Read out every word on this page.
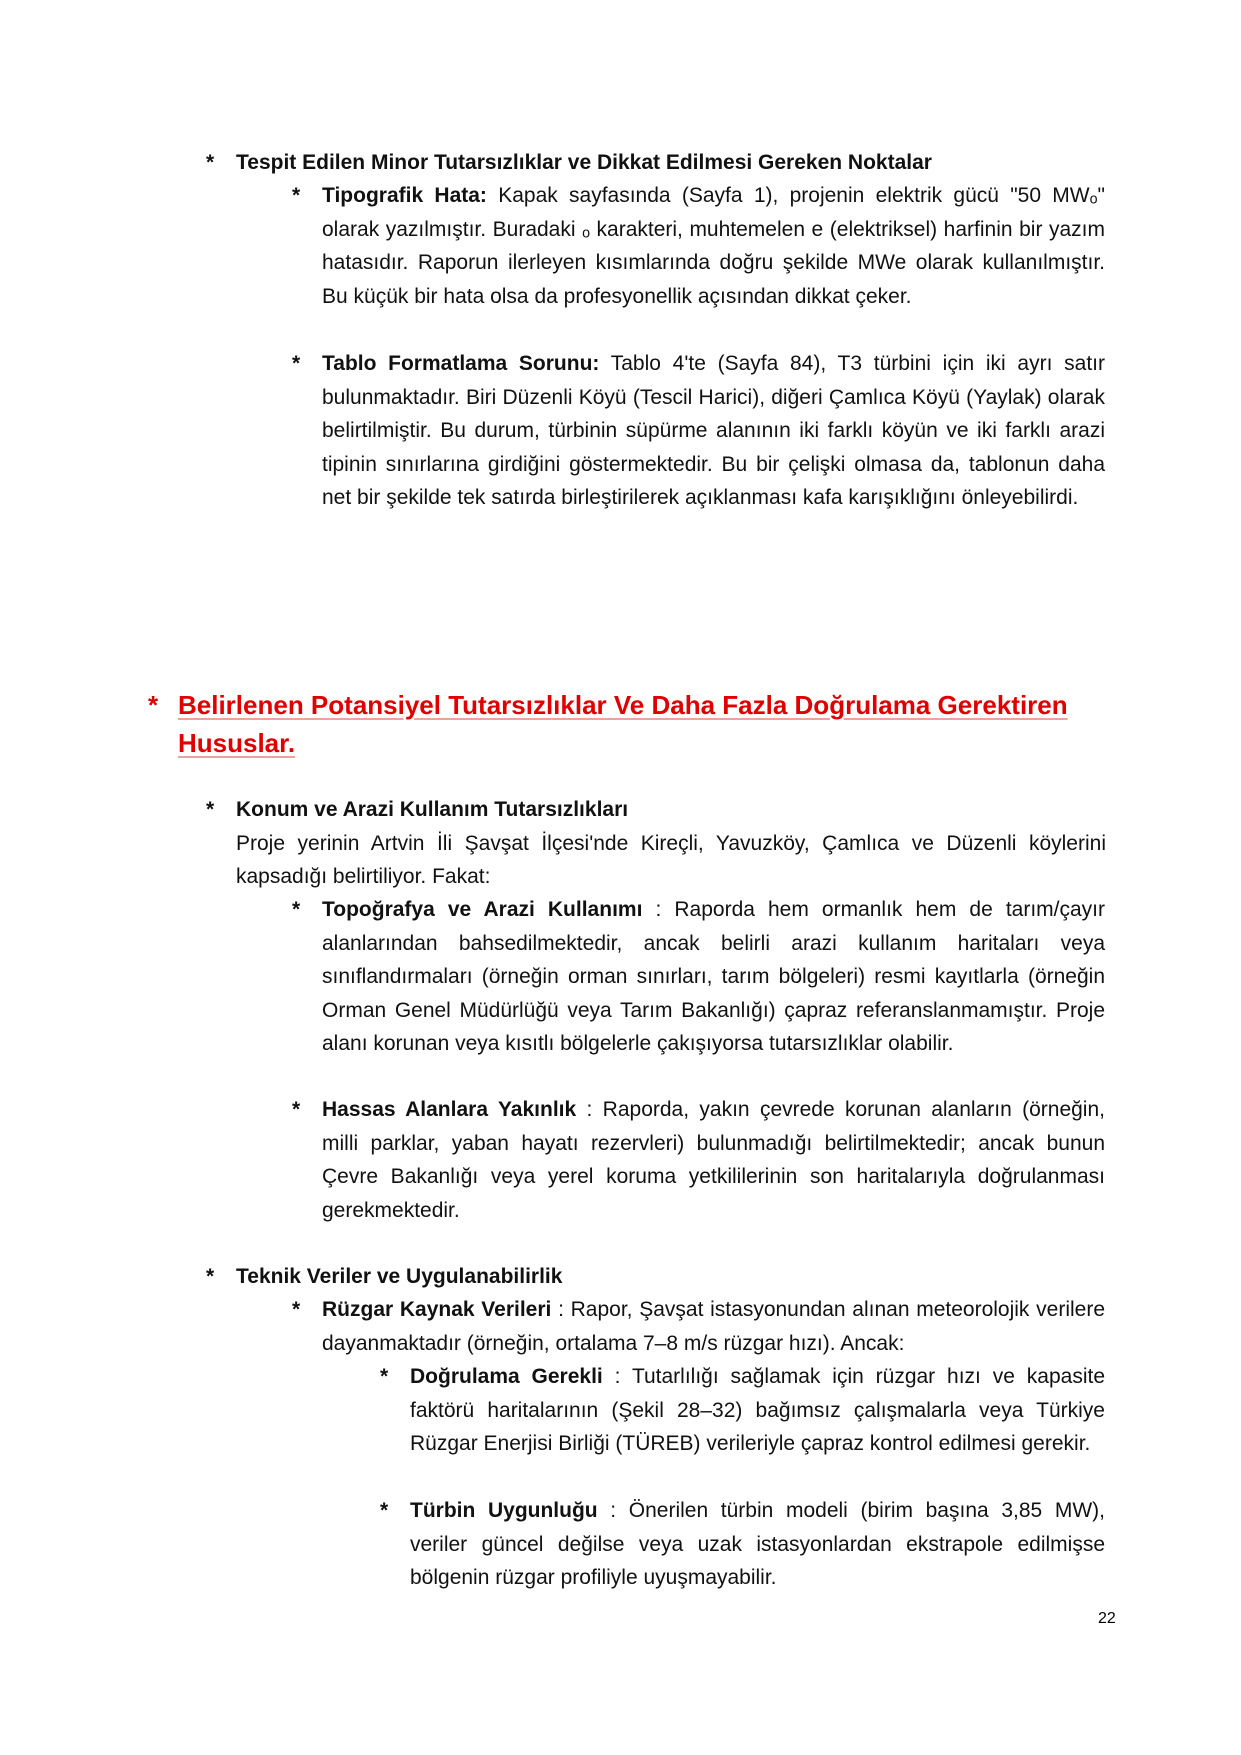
* Tespit Edilen Minor Tutarsızlıklar ve Dikkat Edilmesi Gereken Noktalar
* Tipografik Hata: Kapak sayfasında (Sayfa 1), projenin elektrik gücü "50 MWₒ" olarak yazılmıştır. Buradaki ₒ karakteri, muhtemelen e (elektriksel) harfinin bir yazım hatasıdır. Raporun ilerleyen kısımlarında doğru şekilde MWe olarak kullanılmıştır. Bu küçük bir hata olsa da profesyonellik açısından dikkat çeker.
* Tablo Formatlama Sorunu: Tablo 4'te (Sayfa 84), T3 türbini için iki ayrı satır bulunmaktadır. Biri Düzenli Köyü (Tescil Harici), diğeri Çamlıca Köyü (Yaylak) olarak belirtilmiştir. Bu durum, türbinin süpürme alanının iki farklı köyün ve iki farklı arazi tipinin sınırlarına girdiğini göstermektedir. Bu bir çelişki olmasa da, tablonun daha net bir şekilde tek satırda birleştirilerek açıklanması kafa karışıklığını önleyebilirdi.
* Belirlenen Potansiyel Tutarsızlıklar Ve Daha Fazla Doğrulama Gerektiren Hususlar.
* Konum ve Arazi Kullanım Tutarsızlıkları
Proje yerinin Artvin İli Şavşat İlçesi'nde Kireçli, Yavuzköy, Çamlıca ve Düzenli köylerini kapsadığı belirtiliyor. Fakat:
* Topoğrafya ve Arazi Kullanımı : Raporda hem ormanlık hem de tarım/çayır alanlarından bahsedilmektedir, ancak belirli arazi kullanım haritaları veya sınıflandırmaları (örneğin orman sınırları, tarım bölgeleri) resmi kayıtlarla (örneğin Orman Genel Müdürlüğü veya Tarım Bakanlığı) çapraz referanslanmamıştır. Proje alanı korunan veya kısıtlı bölgelerle çakışıyorsa tutarsızlıklar olabilir.
* Hassas Alanlara Yakınlık : Raporda, yakın çevrede korunan alanların (örneğin, milli parklar, yaban hayatı rezervleri) bulunmadığı belirtilmektedir; ancak bunun Çevre Bakanlığı veya yerel koruma yetkililerinin son haritalarıyla doğrulanması gerekmektedir.
* Teknik Veriler ve Uygulanabilirlik
* Rüzgar Kaynak Verileri : Rapor, Şavşat istasyonundan alınan meteorolojik verilere dayanmaktadır (örneğin, ortalama 7–8 m/s rüzgar hızı). Ancak:
* Doğrulama Gerekli : Tutarlılığı sağlamak için rüzgar hızı ve kapasite faktörü haritalarının (Şekil 28–32) bağımsız çalışmalarla veya Türkiye Rüzgar Enerjisi Birliği (TÜREB) verileriyle çapraz kontrol edilmesi gerekir.
* Türbin Uygunluğu : Önerilen türbin modeli (birim başına 3,85 MW), veriler güncel değilse veya uzak istasyonlardan ekstrapole edilmişse bölgenin rüzgar profiliyle uyuşmayabilir.
22
